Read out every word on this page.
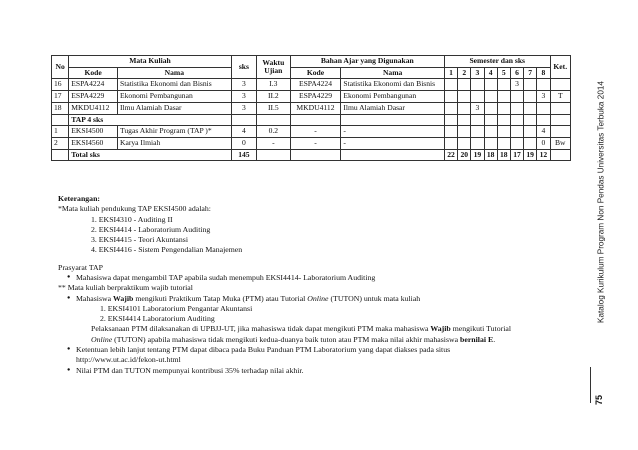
No	Mata Kuliah		sks	Waktu Ujian	Bahan Ajar yang Digunakan		Semester dan sks								Ket.
	Kode	Nama			Kode	Nama	1	2	3	4	5	6	7	8	
16	ESPA4224	Statistika Ekonomi dan Bisnis	3	I.3	ESPA4224	Statistika Ekonomi dan Bisnis						3			
17	ESPA4229	Ekonomi Pembangunan	3	II.2	ESPA4229	Ekonomi Pembangunan								3	T
18	MKDU4112	Ilmu Alamiah Dasar	3	II.5	MKDU4112	Ilmu Alamiah Dasar			3						
	TAP 4 sks														
1	EKSI4500	Tugas Akhir Program (TAP )*	4	0.2	-	-								4	
2	EKSI4560	Karya Ilmiah	0	-	-	-								0	Bw
	Total sks		145				22	20	19	18	18	17	19	12	

Keterangan:

*Mata kuliah pendukung TAP EKSI4500 adalah:

1. EKSI4310 - Auditing II

2. EKSI4414 - Laboratorium Auditing

3. EKSI4415 - Teori Akuntansi

4. EKSI4416 - Sistem Pengendalian Manajemen

Prasyarat TAP

● Mahasiswa dapat mengambil TAP apabila sudah menempuh EKSI4414- Laboratorium Auditing

** Mata kuliah berpraktikum wajib tutorial

● Mahasiswa Wajib mengikuti Praktikum Tatap Muka (PTM) atau Tutorial Online (TUTON) untuk mata kuliah

1. EKSI4101 Laboratorium Pengantar Akuntansi

2. EKSI4414 Laboratorium Auditing

Pelaksanaan PTM dilaksanakan di UPBJJ-UT, jika mahasiswa tidak dapat mengikuti PTM maka mahasiswa Wajib mengikuti Tutorial

Online (TUTON) apabila mahasiswa tidak mengikuti kedua-duanya baik tuton atau PTM maka nilai akhir mahasiswa bernilai E.

● Ketentuan lebih lanjut tentang PTM dapat dibaca pada Buku Panduan PTM Laboratorium yang dapat diakses pada situs
http://www.ut.ac.id/fekon-ut.html

● Nilai PTM dan TUTON mempunyai kontribusi 35% terhadap nilai akhir.

Katalog Kurikulum Program Non Pendas Universitas Terbuka 2014
75
